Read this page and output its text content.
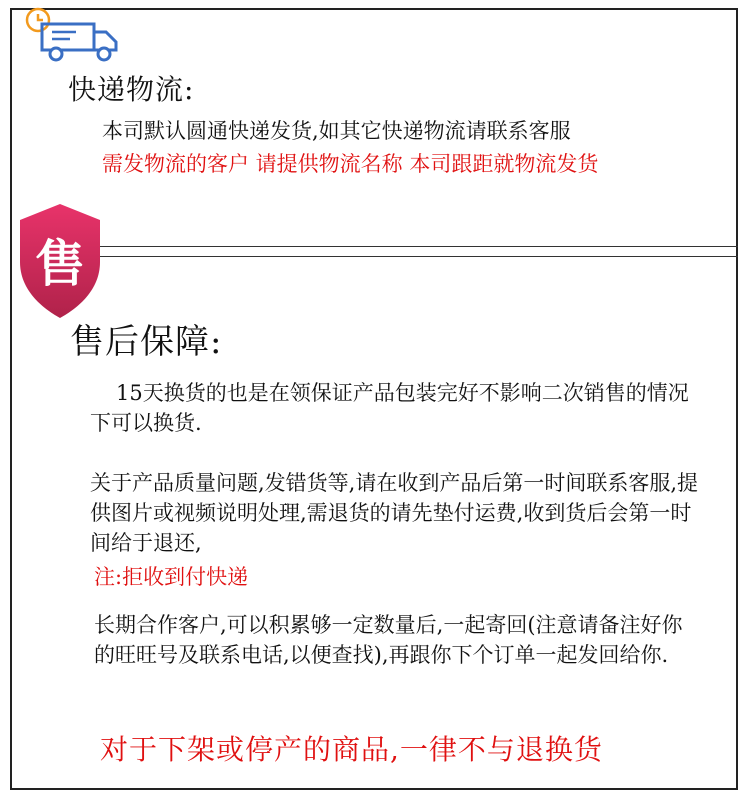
快递物流:
本司默认圆通快递发货,如其它快递物流请联系客服
需发物流的客户 请提供物流名称 本司跟距就物流发货
售
售后保障:
15天换货的也是在领保证产品包装完好不影响二次销售的情况下可以换货.
关于产品质量问题,发错货等,请在收到产品后第一时间联系客服,提供图片或视频说明处理,需退货的请先垫付运费,收到货后会第一时间给于退还,
注:拒收到付快递
长期合作客户,可以积累够一定数量后,一起寄回(注意请备注好你的旺旺号及联系电话,以便查找),再跟你下个订单一起发回给你.
对于下架或停产的商品,一律不与退换货
